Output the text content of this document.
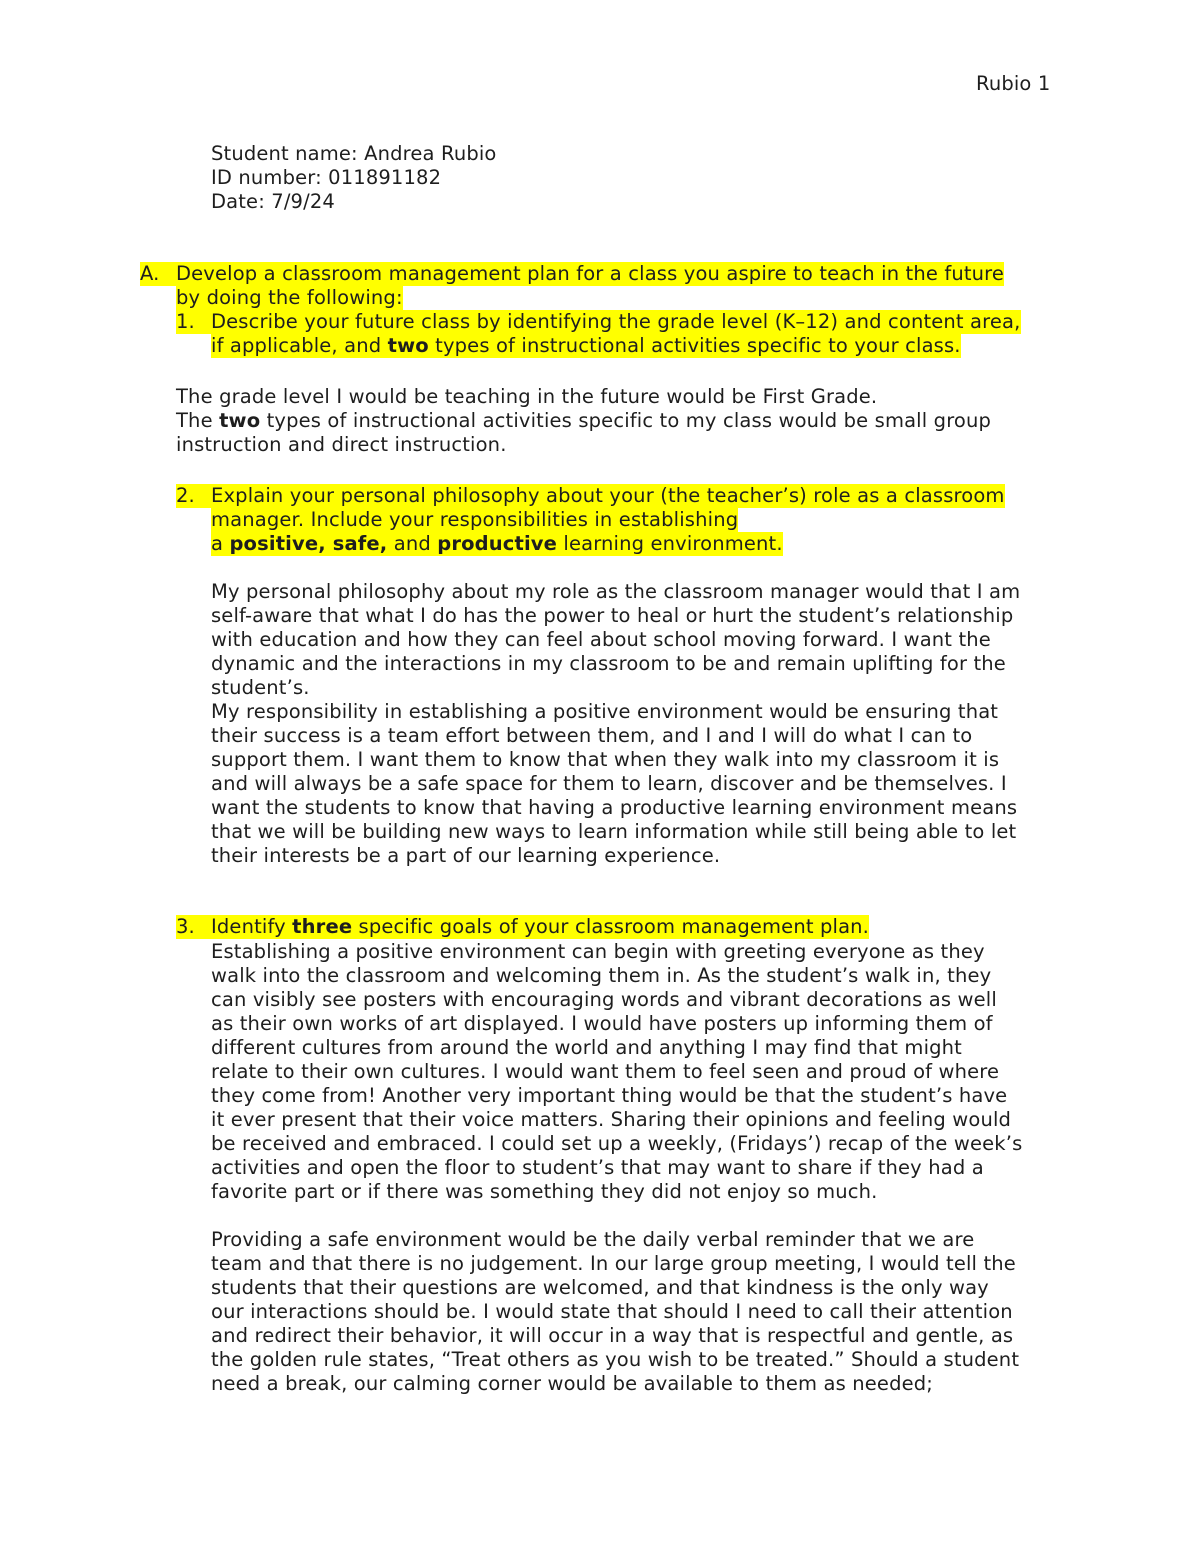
Rubio 1
Student name: Andrea Rubio
ID number: 011891182
Date: 7/9/24
A. Develop a classroom management plan for a class you aspire to teach in the future
by doing the following:
1. Describe your future class by identifying the grade level (K–12) and content area,
if applicable, and two types of instructional activities specific to your class.
The grade level I would be teaching in the future would be First Grade.
The two types of instructional activities specific to my class would be small group
instruction and direct instruction.
2. Explain your personal philosophy about your (the teacher’s) role as a classroom
manager. Include your responsibilities in establishing
a positive, safe, and productive learning environment.
My personal philosophy about my role as the classroom manager would that I am
self-aware that what I do has the power to heal or hurt the student’s relationship
with education and how they can feel about school moving forward. I want the
dynamic and the interactions in my classroom to be and remain uplifting for the
student’s.
My responsibility in establishing a positive environment would be ensuring that
their success is a team effort between them, and I and I will do what I can to
support them. I want them to know that when they walk into my classroom it is
and will always be a safe space for them to learn, discover and be themselves. I
want the students to know that having a productive learning environment means
that we will be building new ways to learn information while still being able to let
their interests be a part of our learning experience.
3. Identify three specific goals of your classroom management plan.
Establishing a positive environment can begin with greeting everyone as they
walk into the classroom and welcoming them in. As the student’s walk in, they
can visibly see posters with encouraging words and vibrant decorations as well
as their own works of art displayed. I would have posters up informing them of
different cultures from around the world and anything I may find that might
relate to their own cultures. I would want them to feel seen and proud of where
they come from! Another very important thing would be that the student’s have
it ever present that their voice matters. Sharing their opinions and feeling would
be received and embraced. I could set up a weekly, (Fridays’) recap of the week’s
activities and open the floor to student’s that may want to share if they had a
favorite part or if there was something they did not enjoy so much.
Providing a safe environment would be the daily verbal reminder that we are
team and that there is no judgement. In our large group meeting, I would tell the
students that their questions are welcomed, and that kindness is the only way
our interactions should be. I would state that should I need to call their attention
and redirect their behavior, it will occur in a way that is respectful and gentle, as
the golden rule states, “Treat others as you wish to be treated.” Should a student
need a break, our calming corner would be available to them as needed;
